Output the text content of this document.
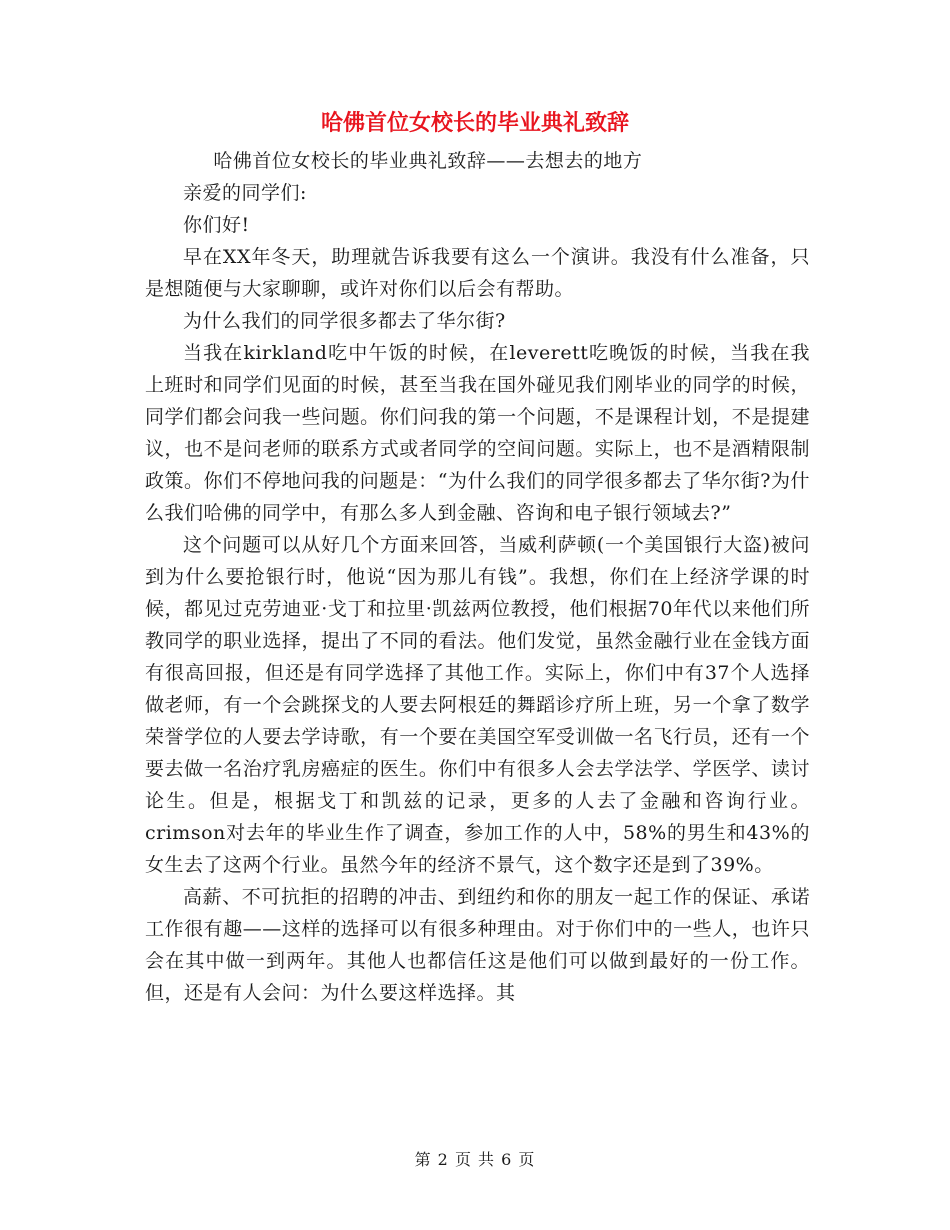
哈佛首位女校长的毕业典礼致辞

哈佛首位女校长的毕业典礼致辞——去想去的地方

亲爱的同学们:

你们好!

早在XX年冬天，助理就告诉我要有这么一个演讲。我没有什么准备，只是想随便与大家聊聊，或许对你们以后会有帮助。

为什么我们的同学很多都去了华尔街?

当我在kirkland吃中午饭的时候，在leverett吃晚饭的时候，当我在我上班时和同学们见面的时候，甚至当我在国外碰见我们刚毕业的同学的时候，同学们都会问我一些问题。你们问我的第一个问题，不是课程计划，不是提建议，也不是问老师的联系方式或者同学的空间问题。实际上，也不是酒精限制政策。你们不停地问我的问题是：“为什么我们的同学很多都去了华尔街?为什么我们哈佛的同学中，有那么多人到金融、咨询和电子银行领域去?”

这个问题可以从好几个方面来回答，当威利萨顿(一个美国银行大盗)被问到为什么要抢银行时，他说“因为那儿有钱”。我想，你们在上经济学课的时候，都见过克劳迪亚·戈丁和拉里·凯兹两位教授，他们根据70年代以来他们所教同学的职业选择，提出了不同的看法。他们发觉，虽然金融行业在金钱方面有很高回报，但还是有同学选择了其他工作。实际上，你们中有37个人选择做老师，有一个会跳探戈的人要去阿根廷的舞蹈诊疗所上班，另一个拿了数学荣誉学位的人要去学诗歌，有一个要在美国空军受训做一名飞行员，还有一个要去做一名治疗乳房癌症的医生。你们中有很多人会去学法学、学医学、读讨论生。但是，根据戈丁和凯兹的记录，更多的人去了金融和咨询行业。crimson对去年的毕业生作了调查，参加工作的人中，58%的男生和43%的女生去了这两个行业。虽然今年的经济不景气，这个数字还是到了39%。

高薪、不可抗拒的招聘的冲击、到纽约和你的朋友一起工作的保证、承诺工作很有趣——这样的选择可以有很多种理由。对于你们中的一些人，也许只会在其中做一到两年。其他人也都信任这是他们可以做到最好的一份工作。但，还是有人会问：为什么要这样选择。其

第 2 页 共 6 页
